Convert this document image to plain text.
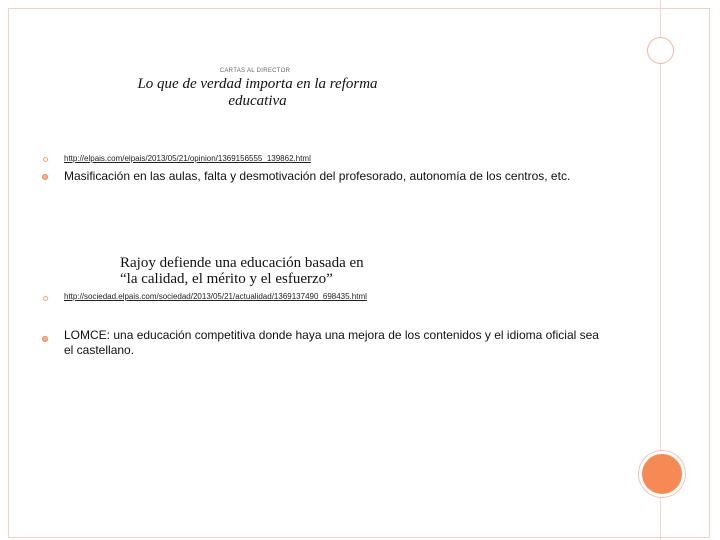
CARTAS AL DIRECTOR
Lo que de verdad importa en la reforma educativa
http://elpais.com/elpais/2013/05/21/opinion/1369156555_139862.html
Masificación en las aulas, falta y desmotivación del profesorado, autonomía de los centros, etc.
Rajoy defiende una educación basada en
“la calidad, el mérito y el esfuerzo”
http://sociedad.elpais.com/sociedad/2013/05/21/actualidad/1369137490_698435.html
LOMCE: una educación competitiva donde haya una mejora de los contenidos y el idioma oficial sea el castellano.
